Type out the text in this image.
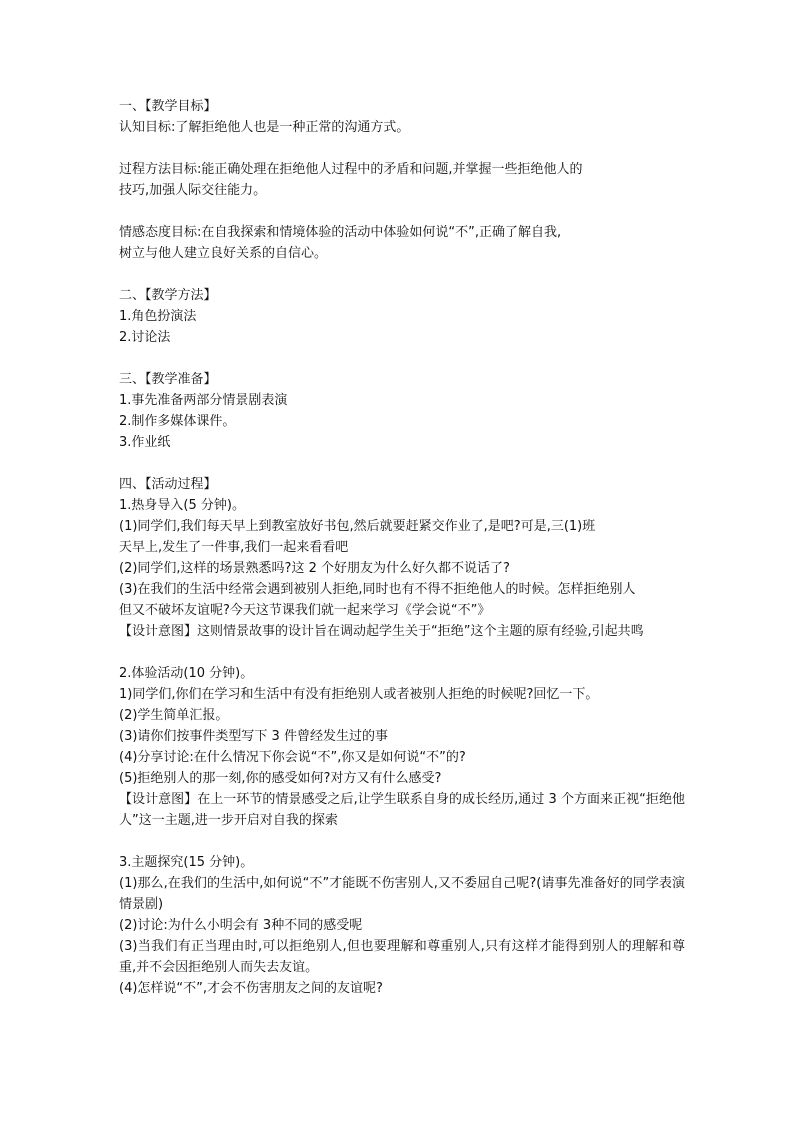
一、【教学目标】
认知目标:了解拒绝他人也是一种正常的沟通方式。
过程方法目标:能正确处理在拒绝他人过程中的矛盾和问题,并掌握一些拒绝他人的
技巧,加强人际交往能力。
情感态度目标:在自我探索和情境体验的活动中体验如何说“不”,正确了解自我,
树立与他人建立良好关系的自信心。
二、【教学方法】
1.角色扮演法
2.讨论法
三、【教学准备】
1.事先准备两部分情景剧表演
2.制作多媒体课件。
3.作业纸
四、【活动过程】
1.热身导入(5 分钟)。
(1)同学们,我们每天早上到教室放好书包,然后就要赶紧交作业了,是吧?可是,三(1)班
天早上,发生了一件事,我们一起来看看吧
(2)同学们,这样的场景熟悉吗?这 2 个好朋友为什么好久都不说话了?
(3)在我们的生活中经常会遇到被别人拒绝,同时也有不得不拒绝他人的时候。怎样拒绝别人
但又不破坏友谊呢?今天这节课我们就一起来学习《学会说“不”》
【设计意图】这则情景故事的设计旨在调动起学生关于“拒绝”这个主题的原有经验,引起共鸣
2.体验活动(10 分钟)。
1)同学们,你们在学习和生活中有没有拒绝别人或者被别人拒绝的时候呢?回忆一下。
(2)学生简单汇报。
(3)请你们按事件类型写下 3 件曾经发生过的事
(4)分享讨论:在什么情况下你会说“不”,你又是如何说“不”的?
(5)拒绝别人的那一刻,你的感受如何?对方又有什么感受?
【设计意图】在上一环节的情景感受之后,让学生联系自身的成长经历,通过 3 个方面来正视“拒绝他人”这一主题,进一步开启对自我的探索
3.主题探究(15 分钟)。
(1)那么,在我们的生活中,如何说“不”才能既不伤害别人,又不委屈自己呢?(请事先准备好的同学表演情景剧)
(2)讨论:为什么小明会有 3种不同的感受呢
(3)当我们有正当理由时,可以拒绝别人,但也要理解和尊重别人,只有这样才能得到别人的理解和尊重,并不会因拒绝别人而失去友谊。
(4)怎样说“不”,才会不伤害朋友之间的友谊呢?
